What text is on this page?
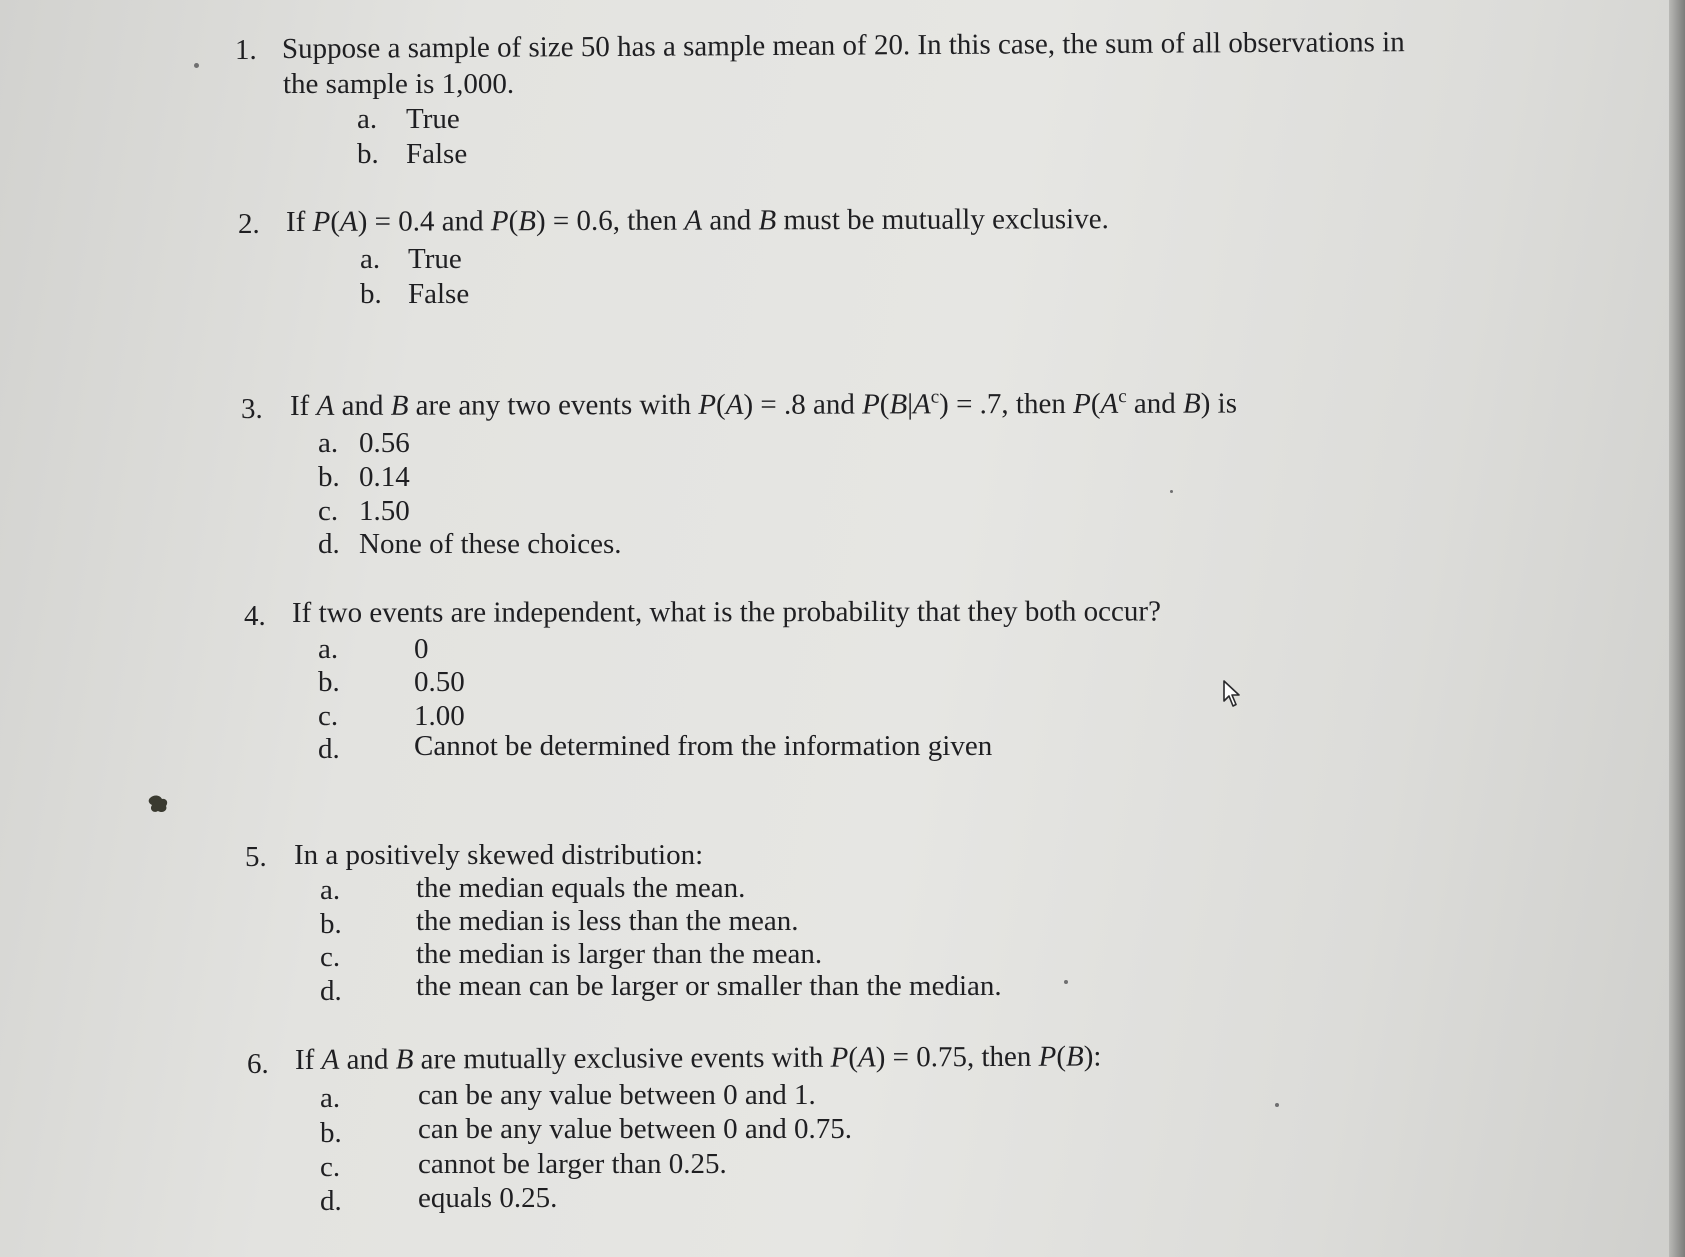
1. Suppose a sample of size 50 has a sample mean of 20. In this case, the sum of all observations in
the sample is 1,000.
a. True
b. False
2. If P(A) = 0.4 and P(B) = 0.6, then A and B must be mutually exclusive.
a. True
b. False
3. If A and B are any two events with P(A) = .8 and $P(B|A^c) = .7$, then $P(A^c$ and B) is
a. 0.56
b. 0.14
c. 1.50
d. None of these choices.
4. If two events are independent, what is the probability that they both occur?
a.	0
b.	0.50
c.	1.00
d.	Cannot be determined from the information given
5. In a positively skewed distribution:
a.	the median equals the mean.
b.	the median is less than the mean.
c.	the median is larger than the mean.
d.	the mean can be larger or smaller than the median.
6. If A and B are mutually exclusive events with P(A) = 0.75, then P(B):
a.	can be any value between 0 and 1.
b.	can be any value between 0 and 0.75.
c.	cannot be larger than 0.25.
d.	equals 0.25.
